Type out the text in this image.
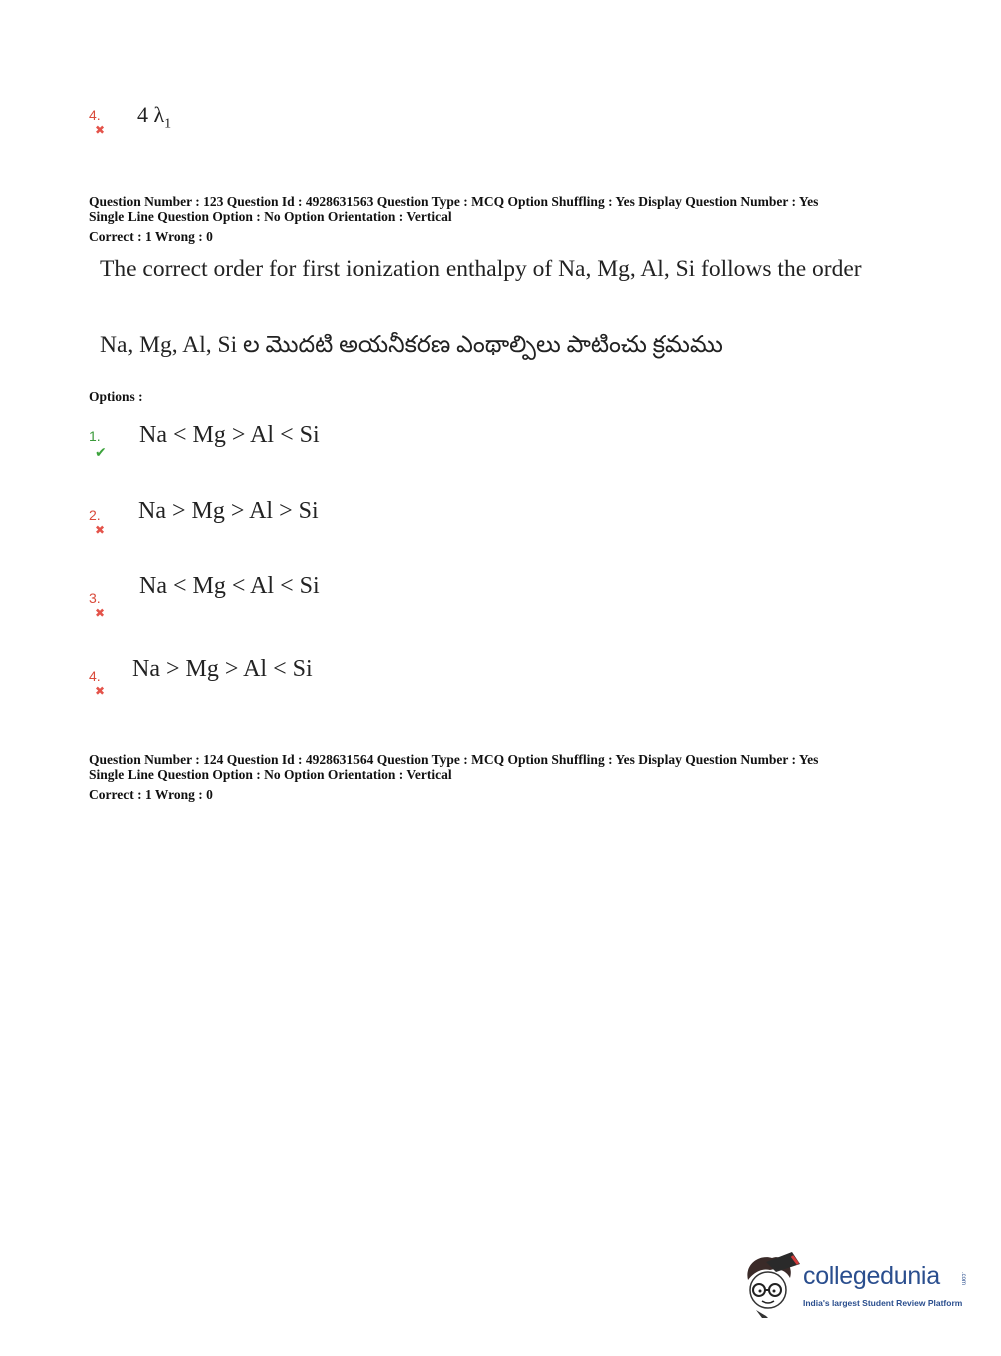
4. ✖
4 $\lambda_1$
Question Number : 123 Question Id : 4928631563 Question Type : MCQ Option Shuffling : Yes Display Question Number : Yes
Single Line Question Option : No Option Orientation : Vertical
Correct : 1 Wrong : 0
The correct order for first ionization enthalpy of Na, Mg, Al, Si follows the order
Na, Mg, Al, Si ల మొదటి అయనీకరణ ఎంథాల్పిలు పాటించు క్రమము
Options :
1. ✔
Na < Mg > Al < Si
2. ✖
Na > Mg > Al > Si
3. ✖
Na < Mg < Al < Si
4. ✖
Na > Mg > Al < Si
Question Number : 124 Question Id : 4928631564 Question Type : MCQ Option Shuffling : Yes Display Question Number : Yes
Single Line Question Option : No Option Orientation : Vertical
Correct : 1 Wrong : 0
collegedunia	.com
India's largest Student Review Platform
